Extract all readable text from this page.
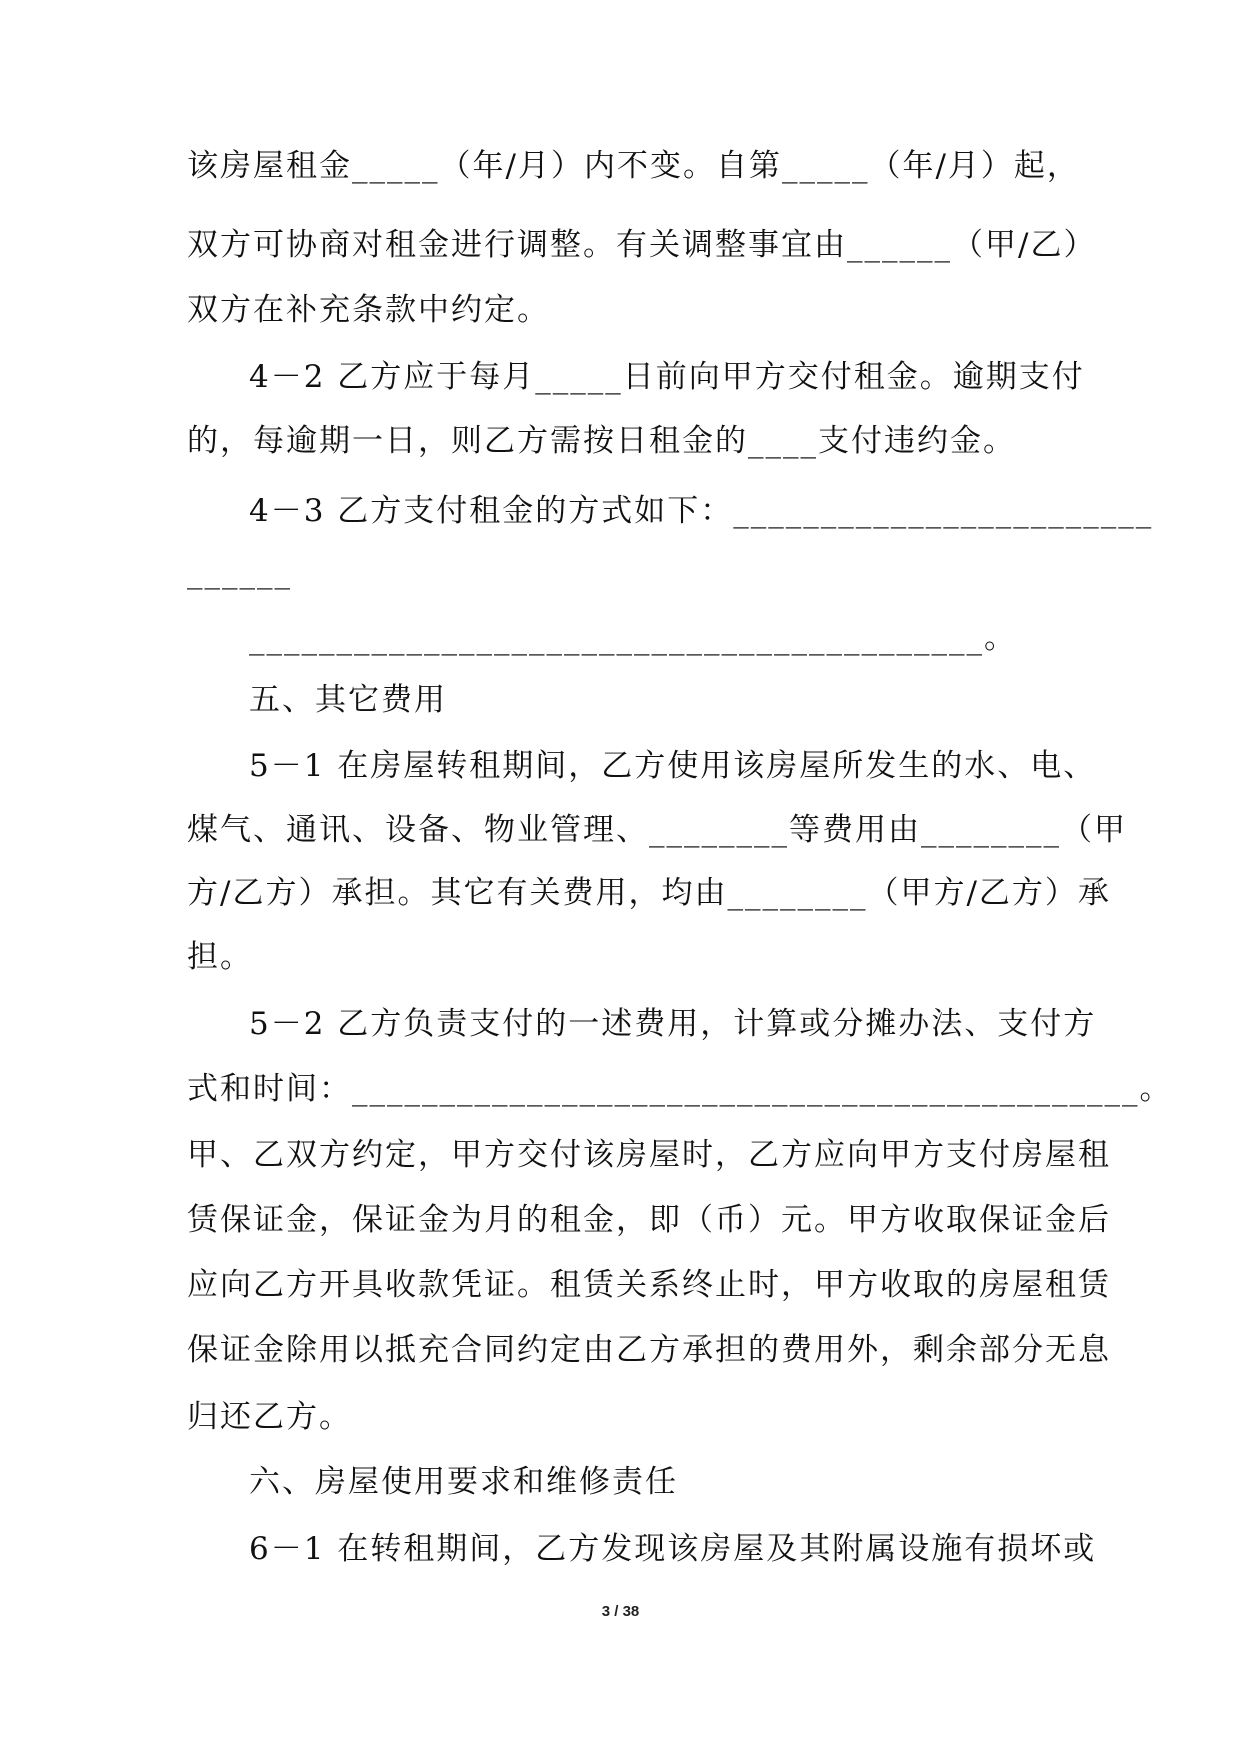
该房屋租金_____（年/月）内不变。自第_____（年/月）起，
双方可协商对租金进行调整。有关调整事宜由______（甲/乙）
双方在补充条款中约定。
4－2 乙方应于每月_____日前向甲方交付租金。逾期支付
的，每逾期一日，则乙方需按日租金的____支付违约金。
4－3 乙方支付租金的方式如下：________________________
______
__________________________________________。
五、其它费用
5－1 在房屋转租期间，乙方使用该房屋所发生的水、电、
煤气、通讯、设备、物业管理、________等费用由________（甲
方/乙方）承担。其它有关费用，均由________（甲方/乙方）承
担。
5－2 乙方负责支付的一述费用，计算或分摊办法、支付方
式和时间：_____________________________________________。
甲、乙双方约定，甲方交付该房屋时，乙方应向甲方支付房屋租
赁保证金，保证金为月的租金，即（币）元。甲方收取保证金后
应向乙方开具收款凭证。租赁关系终止时，甲方收取的房屋租赁
保证金除用以抵充合同约定由乙方承担的费用外，剩余部分无息
归还乙方。
六、房屋使用要求和维修责任
6－1 在转租期间，乙方发现该房屋及其附属设施有损坏或
3 / 38
